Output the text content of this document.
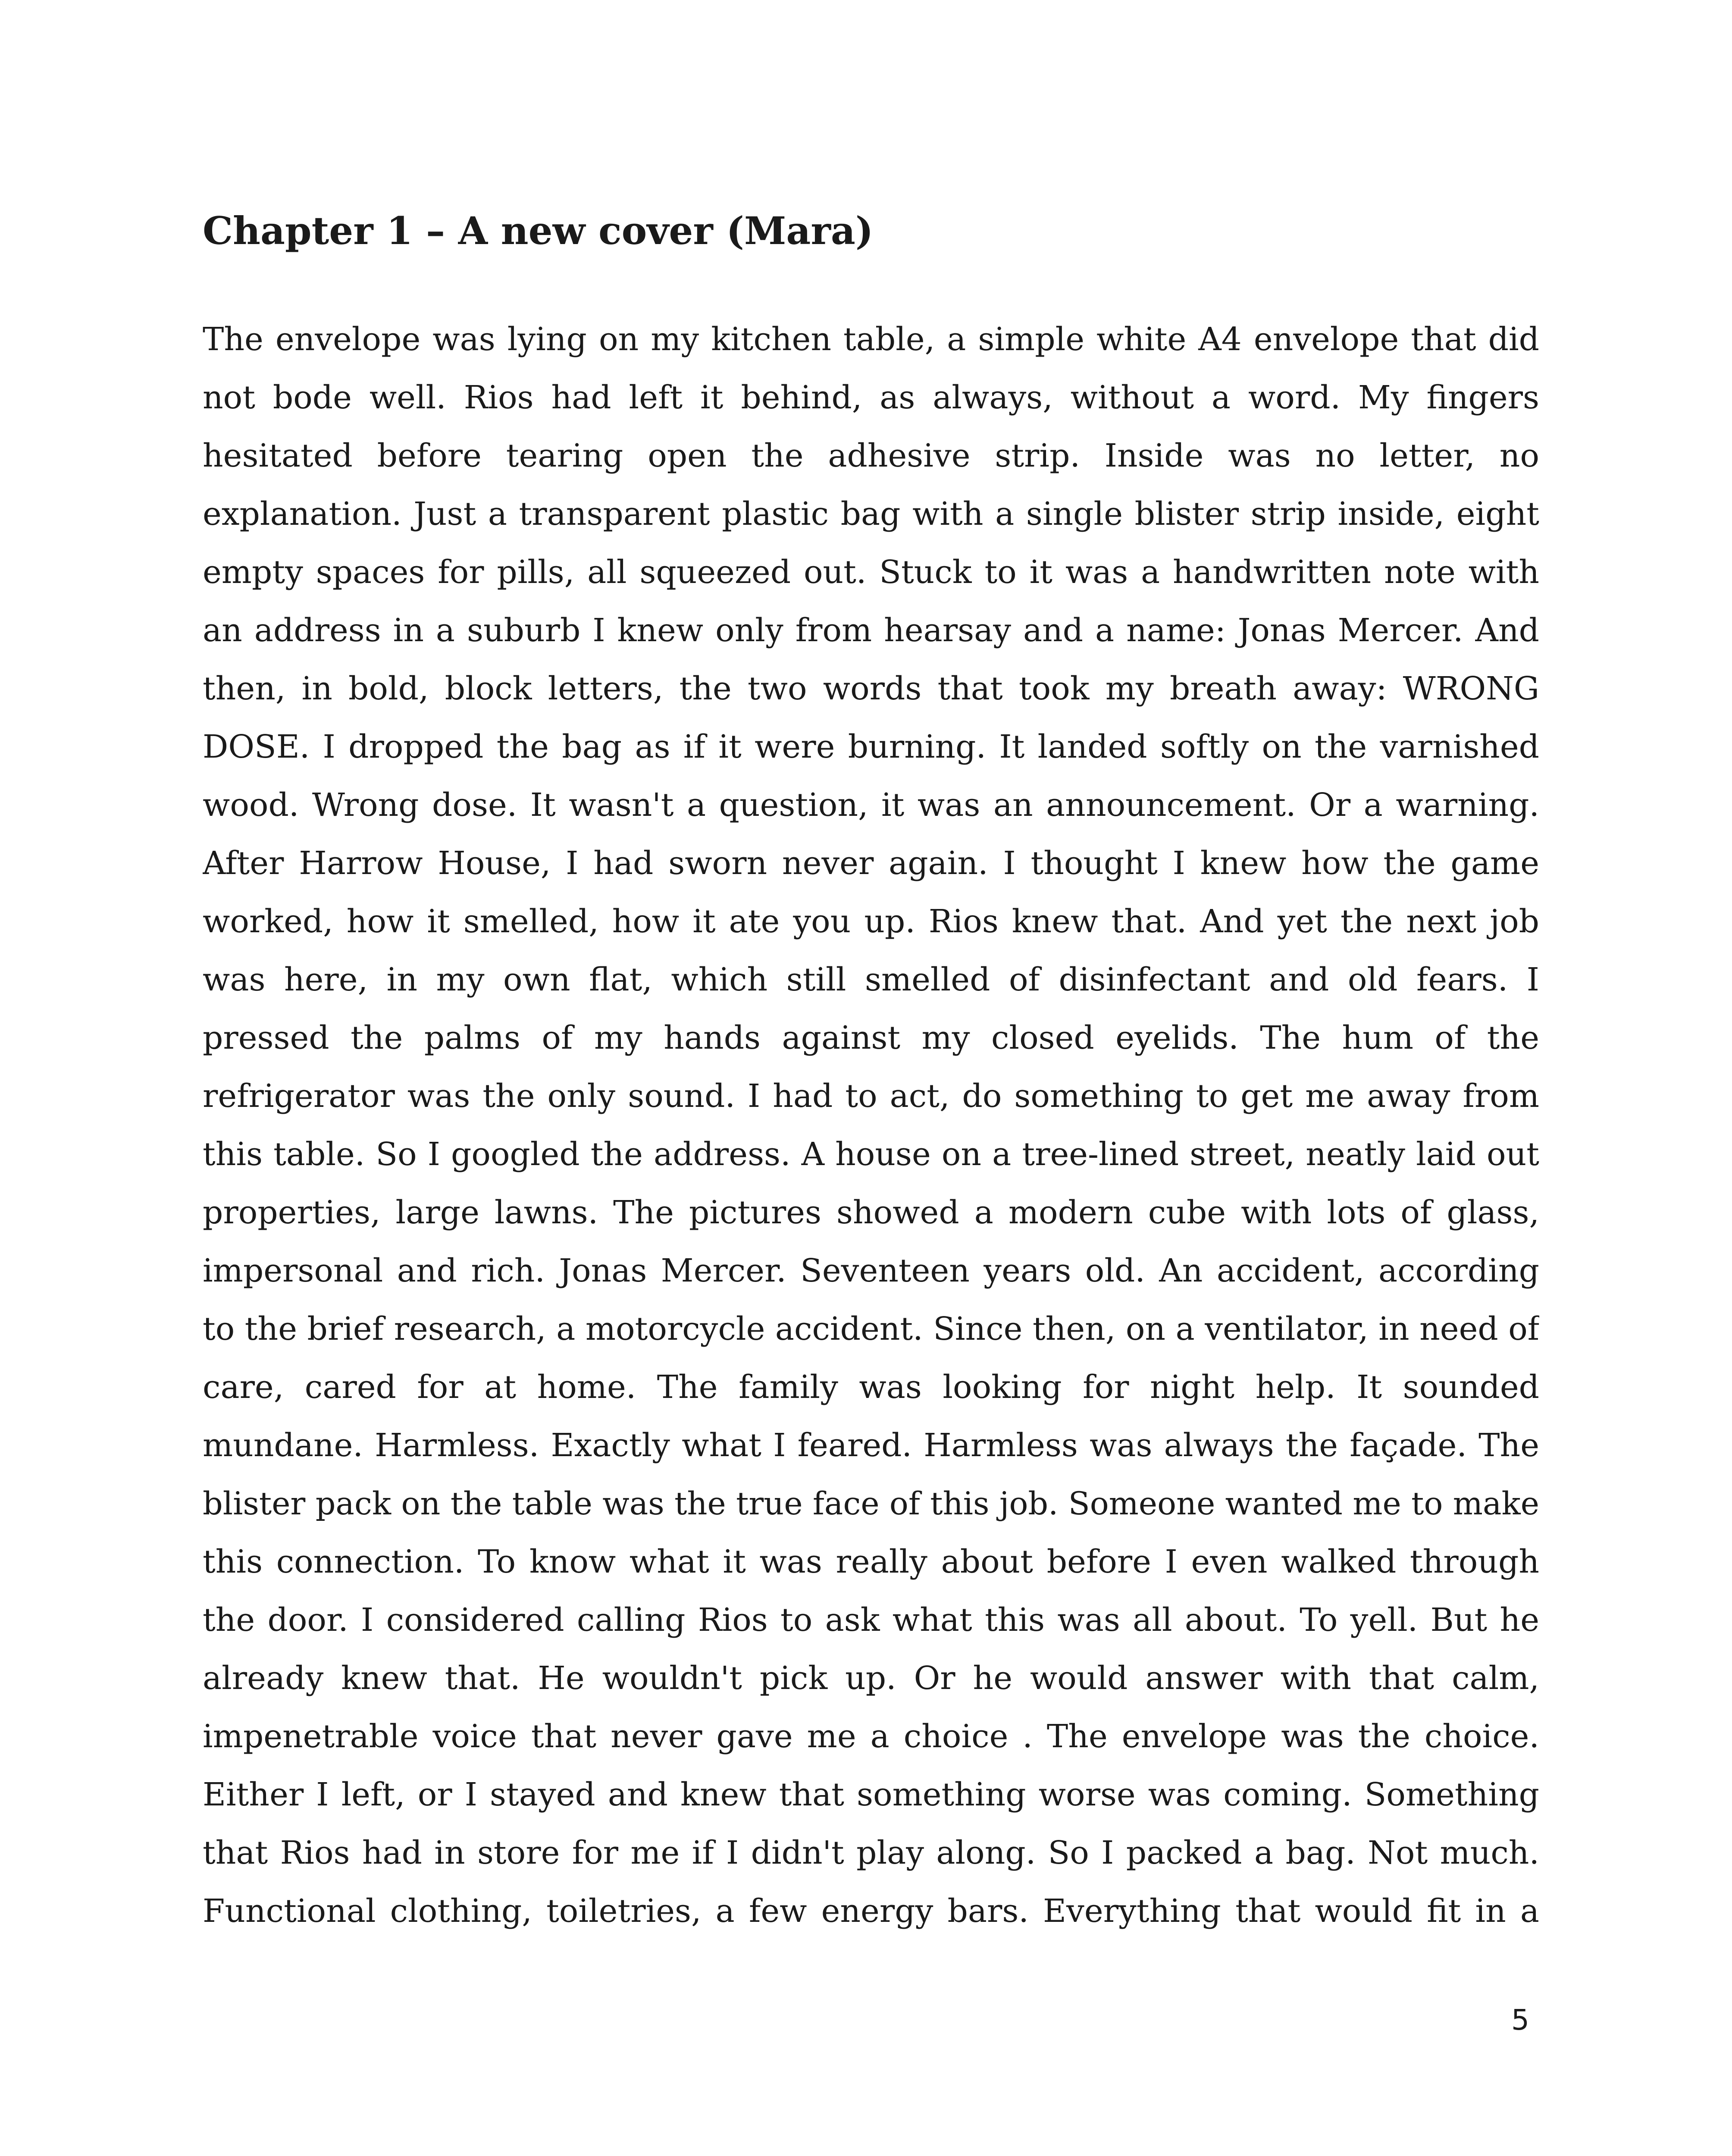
Chapter 1 – A new cover (Mara)
The envelope was lying on my kitchen table, a simple white A4 envelope that did
not bode well. Rios had left it behind, as always, without a word. My fingers
hesitated before tearing open the adhesive strip. Inside was no letter, no
explanation. Just a transparent plastic bag with a single blister strip inside, eight
empty spaces for pills, all squeezed out. Stuck to it was a handwritten note with
an address in a suburb I knew only from hearsay and a name: Jonas Mercer. And
then, in bold, block letters, the two words that took my breath away: WRONG
DOSE. I dropped the bag as if it were burning. It landed softly on the varnished
wood. Wrong dose. It wasn't a question, it was an announcement. Or a warning.
After Harrow House, I had sworn never again. I thought I knew how the game
worked, how it smelled, how it ate you up. Rios knew that. And yet the next job
was here, in my own flat, which still smelled of disinfectant and old fears. I
pressed the palms of my hands against my closed eyelids. The hum of the
refrigerator was the only sound. I had to act, do something to get me away from
this table. So I googled the address. A house on a tree-lined street, neatly laid out
properties, large lawns. The pictures showed a modern cube with lots of glass,
impersonal and rich. Jonas Mercer. Seventeen years old. An accident, according
to the brief research, a motorcycle accident. Since then, on a ventilator, in need of
care, cared for at home. The family was looking for night help. It sounded
mundane. Harmless. Exactly what I feared. Harmless was always the façade. The
blister pack on the table was the true face of this job. Someone wanted me to make
this connection. To know what it was really about before I even walked through
the door. I considered calling Rios to ask what this was all about. To yell. But he
already knew that. He wouldn't pick up. Or he would answer with that calm,
impenetrable voice that never gave me a choice . The envelope was the choice.
Either I left, or I stayed and knew that something worse was coming. Something
that Rios had in store for me if I didn't play along. So I packed a bag. Not much.
Functional clothing, toiletries, a few energy bars. Everything that would fit in a
5
